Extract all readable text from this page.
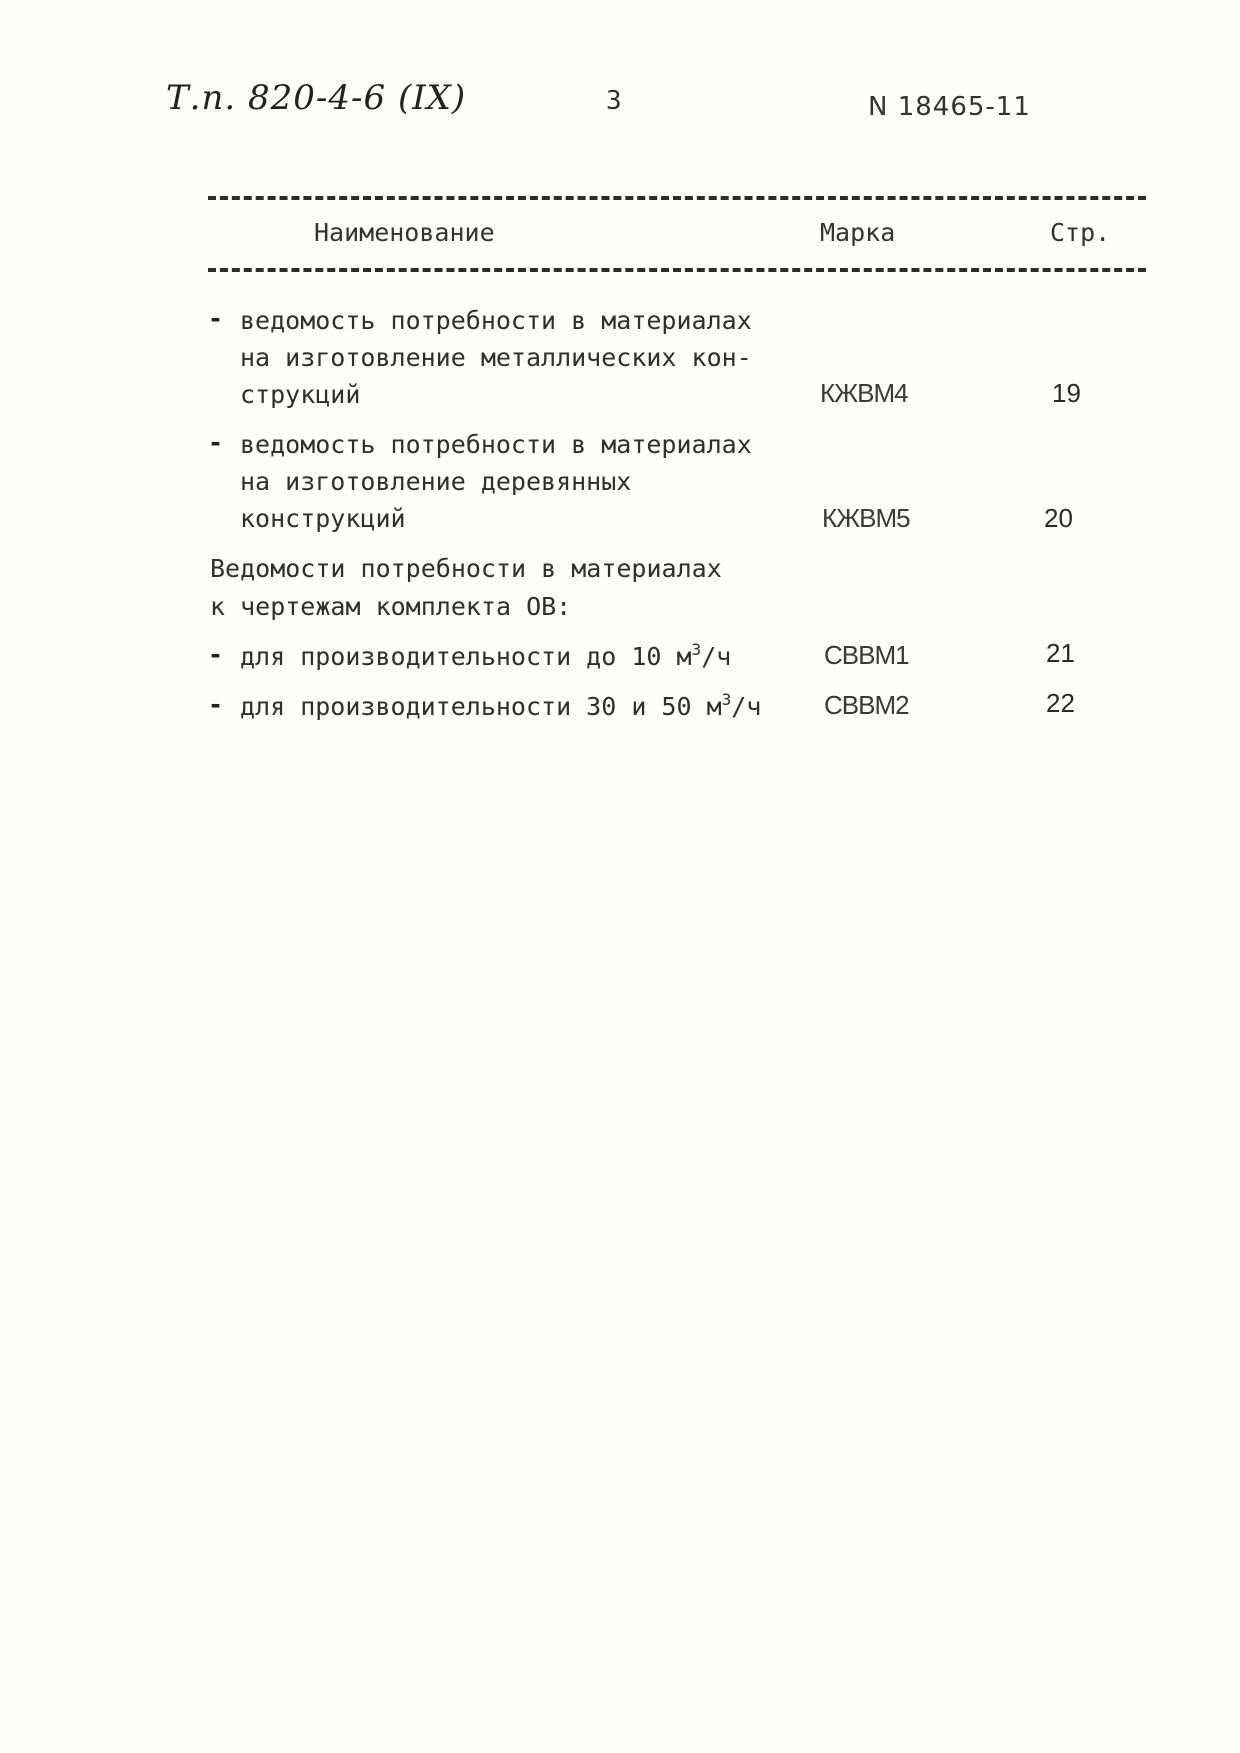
Т.п. 820-4-6 (IX)	3	N 18465-11
Наименование	Марка	Стр.
- ведомость потребности в материалах
на изготовление металлических кон-
струкций	КЖВМ4	19
- ведомость потребности в материалах
на изготовление деревянных
конструкций	КЖВМ5	20
Ведомости потребности в материалах
к чертежам комплекта ОВ:
- для производительности до 10 $м^3/ч$	СВВМ1	21
- для производительности 30 и 50 $м^3/ч$ СВВМ2	22
